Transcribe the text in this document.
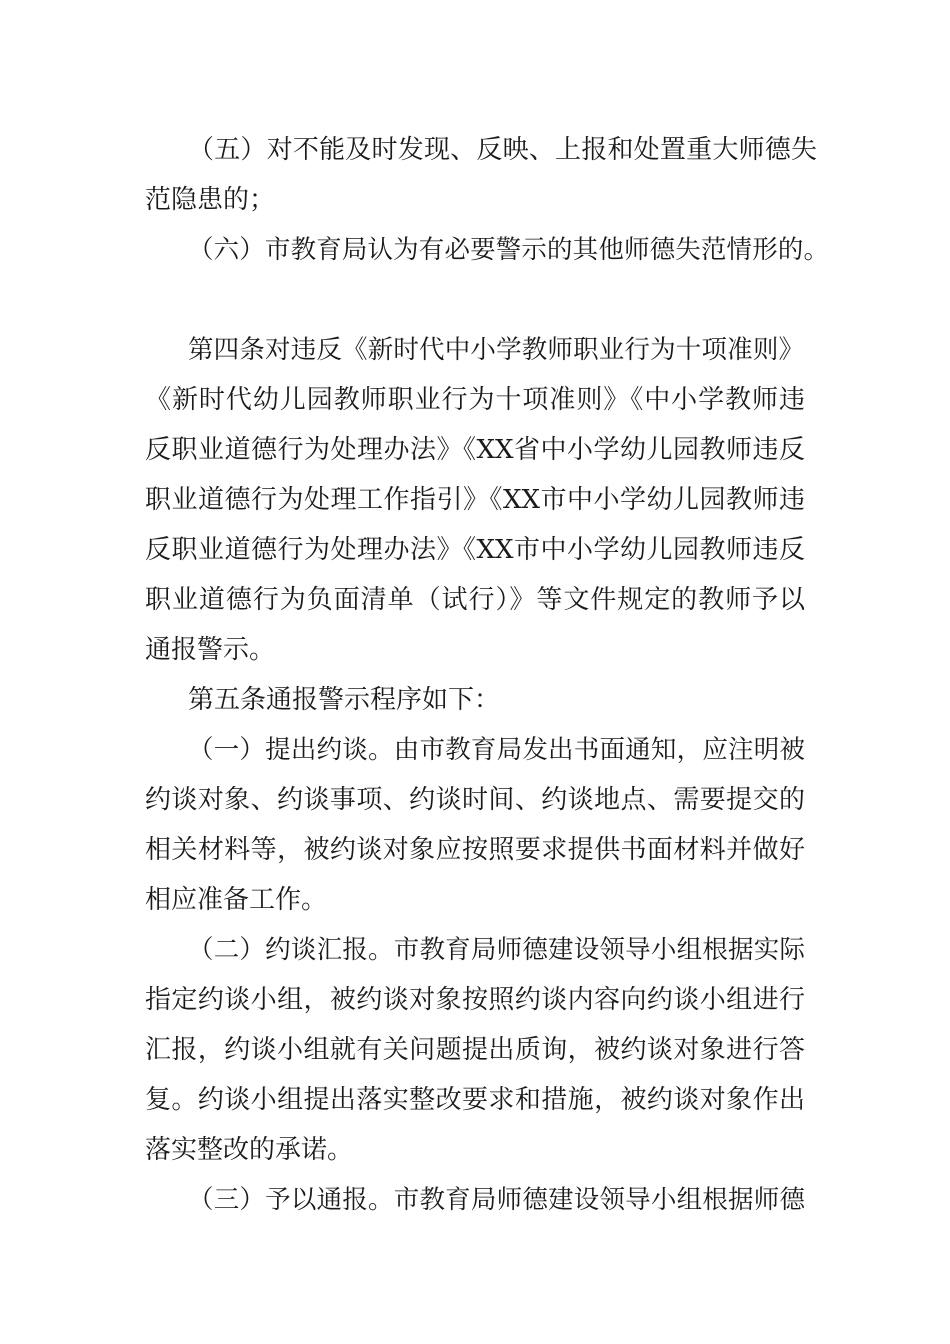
（五）对不能及时发现、反映、上报和处置重大师德失
范隐患的；
（六）市教育局认为有必要警示的其他师德失范情形的。
第四条对违反《新时代中小学教师职业行为十项准则》
《新时代幼儿园教师职业行为十项准则》《中小学教师违
反职业道德行为处理办法》《XX省中小学幼儿园教师违反
职业道德行为处理工作指引》《XX市中小学幼儿园教师违
反职业道德行为处理办法》《XX市中小学幼儿园教师违反
职业道德行为负面清单（试行）》等文件规定的教师予以
通报警示。
第五条通报警示程序如下：
（一）提出约谈。由市教育局发出书面通知，应注明被
约谈对象、约谈事项、约谈时间、约谈地点、需要提交的
相关材料等，被约谈对象应按照要求提供书面材料并做好
相应准备工作。
（二）约谈汇报。市教育局师德建设领导小组根据实际
指定约谈小组，被约谈对象按照约谈内容向约谈小组进行
汇报，约谈小组就有关问题提出质询，被约谈对象进行答
复。约谈小组提出落实整改要求和措施，被约谈对象作出
落实整改的承诺。
（三）予以通报。市教育局师德建设领导小组根据师德
